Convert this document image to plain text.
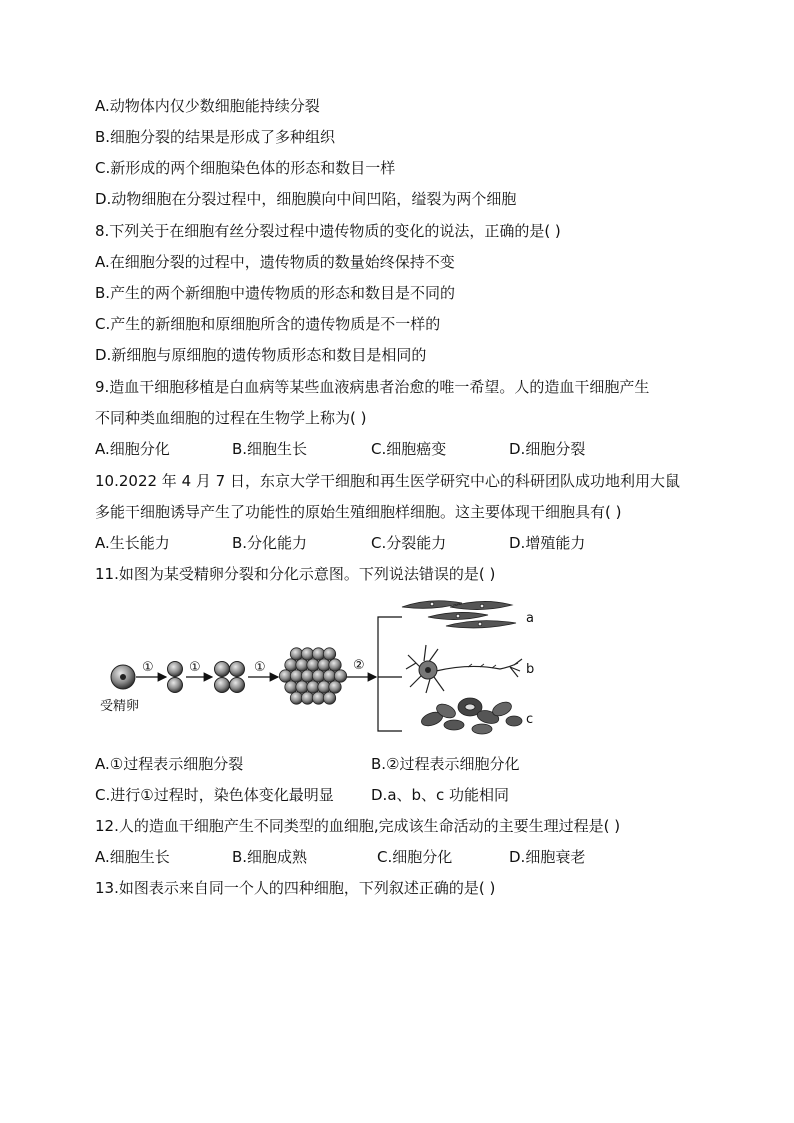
A.动物体内仅少数细胞能持续分裂
B.细胞分裂的结果是形成了多种组织
C.新形成的两个细胞染色体的形态和数目一样
D.动物细胞在分裂过程中，细胞膜向中间凹陷，缢裂为两个细胞
8.下列关于在细胞有丝分裂过程中遗传物质的变化的说法，正确的是( )
A.在细胞分裂的过程中，遗传物质的数量始终保持不变
B.产生的两个新细胞中遗传物质的形态和数目是不同的
C.产生的新细胞和原细胞所含的遗传物质是不一样的
D.新细胞与原细胞的遗传物质形态和数目是相同的
9.造血干细胞移植是白血病等某些血液病患者治愈的唯一希望。人的造血干细胞产生
不同种类血细胞的过程在生物学上称为( )
A.细胞分化	B.细胞生长	C.细胞癌变	D.细胞分裂
10.2022 年 4 月 7 日，东京大学干细胞和再生医学研究中心的科研团队成功地利用大鼠
多能干细胞诱导产生了功能性的原始生殖细胞样细胞。这主要体现干细胞具有( )
A.生长能力	B.分化能力	C.分裂能力	D.增殖能力
11.如图为某受精卵分裂和分化示意图。下列说法错误的是( )
受精卵
①	①	①	②
a
b
c
A.①过程表示细胞分裂	B.②过程表示细胞分化
C.进行①过程时，染色体变化最明显 D.a、b、c 功能相同
12.人的造血干细胞产生不同类型的血细胞,完成该生命活动的主要生理过程是( )
A.细胞生长	B.细胞成熟	C.细胞分化	D.细胞衰老
13.如图表示来自同一个人的四种细胞，下列叙述正确的是( )
